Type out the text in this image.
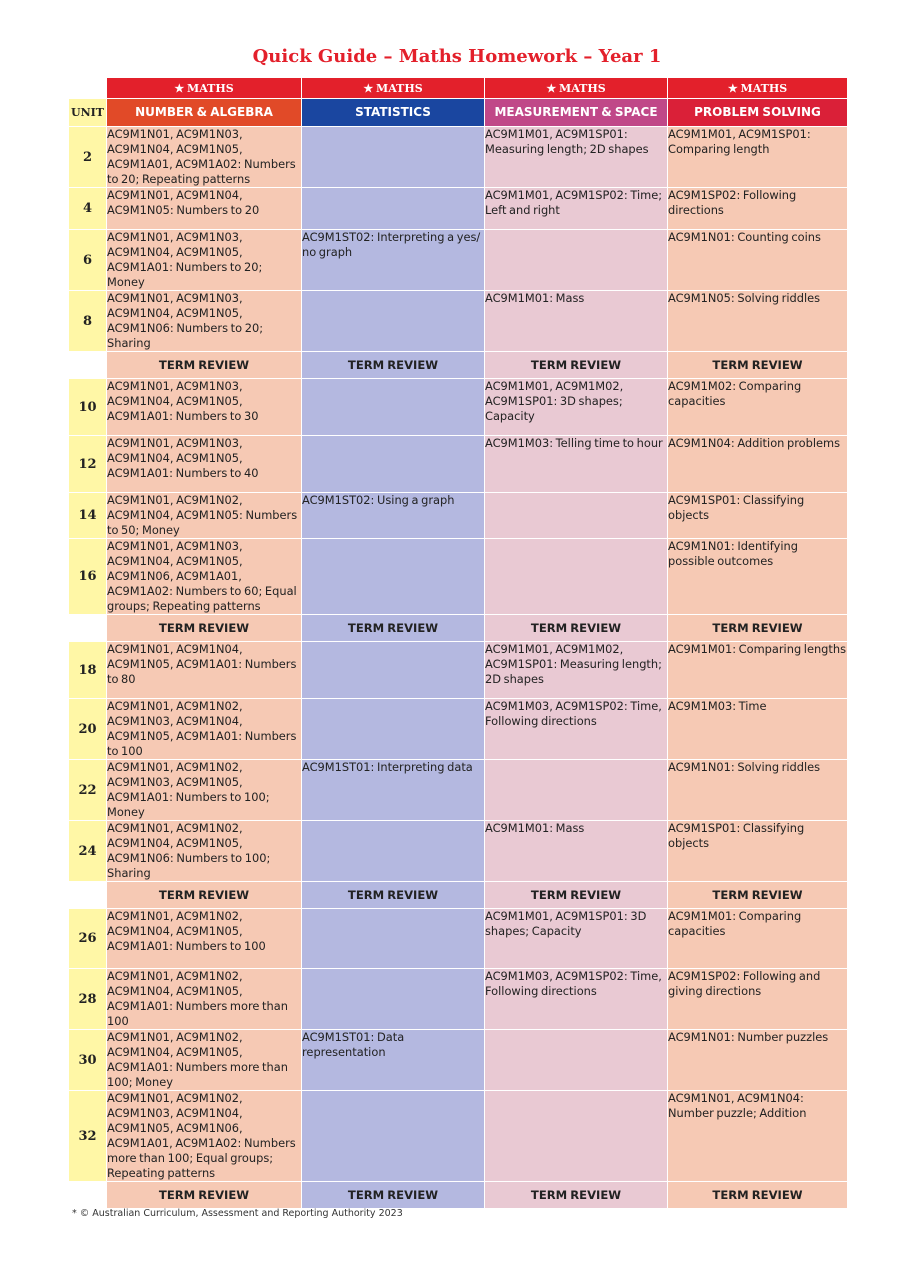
Quick Guide – Maths Homework – Year 1
	★ MATHS	★ MATHS	★ MATHS	★ MATHS
UNIT	NUMBER & ALGEBRA	STATISTICS	MEASUREMENT & SPACE	PROBLEM SOLVING
2	AC9M1N01, AC9M1N03, AC9M1N04, AC9M1N05, AC9M1A01, AC9M1A02: Numbers to 20; Repeating patterns		AC9M1M01, AC9M1SP01: Measuring length; 2D shapes	AC9M1M01, AC9M1SP01: Comparing length
4	AC9M1N01, AC9M1N04, AC9M1N05: Numbers to 20		AC9M1M01, AC9M1SP02: Time; Left and right	AC9M1SP02: Following directions
6	AC9M1N01, AC9M1N03, AC9M1N04, AC9M1N05, AC9M1A01: Numbers to 20; Money	AC9M1ST02: Interpreting a yes/ no graph		AC9M1N01: Counting coins
8	AC9M1N01, AC9M1N03, AC9M1N04, AC9M1N05, AC9M1N06: Numbers to 20; Sharing		AC9M1M01: Mass	AC9M1N05: Solving riddles
	TERM REVIEW	TERM REVIEW	TERM REVIEW	TERM REVIEW
10	AC9M1N01, AC9M1N03, AC9M1N04, AC9M1N05, AC9M1A01: Numbers to 30		AC9M1M01, AC9M1M02, AC9M1SP01: 3D shapes; Capacity	AC9M1M02: Comparing capacities
12	AC9M1N01, AC9M1N03, AC9M1N04, AC9M1N05, AC9M1A01: Numbers to 40		AC9M1M03: Telling time to hour	AC9M1N04: Addition problems
14	AC9M1N01, AC9M1N02, AC9M1N04, AC9M1N05: Numbers to 50; Money	AC9M1ST02: Using a graph		AC9M1SP01: Classifying objects
16	AC9M1N01, AC9M1N03, AC9M1N04, AC9M1N05, AC9M1N06, AC9M1A01, AC9M1A02: Numbers to 60; Equal groups; Repeating patterns			AC9M1N01: Identifying possible outcomes
	TERM REVIEW	TERM REVIEW	TERM REVIEW	TERM REVIEW
18	AC9M1N01, AC9M1N04, AC9M1N05, AC9M1A01: Numbers to 80		AC9M1M01, AC9M1M02, AC9M1SP01: Measuring length; 2D shapes	AC9M1M01: Comparing lengths
20	AC9M1N01, AC9M1N02, AC9M1N03, AC9M1N04, AC9M1N05, AC9M1A01: Numbers to 100		AC9M1M03, AC9M1SP02: Time, Following directions	AC9M1M03: Time
22	AC9M1N01, AC9M1N02, AC9M1N03, AC9M1N05, AC9M1A01: Numbers to 100; Money	AC9M1ST01: Interpreting data		AC9M1N01: Solving riddles
24	AC9M1N01, AC9M1N02, AC9M1N04, AC9M1N05, AC9M1N06: Numbers to 100; Sharing		AC9M1M01: Mass	AC9M1SP01: Classifying objects
	TERM REVIEW	TERM REVIEW	TERM REVIEW	TERM REVIEW
26	AC9M1N01, AC9M1N02, AC9M1N04, AC9M1N05, AC9M1A01: Numbers to 100		AC9M1M01, AC9M1SP01: 3D shapes; Capacity	AC9M1M01: Comparing capacities
28	AC9M1N01, AC9M1N02, AC9M1N04, AC9M1N05, AC9M1A01: Numbers more than 100		AC9M1M03, AC9M1SP02: Time, Following directions	AC9M1SP02: Following and giving directions
30	AC9M1N01, AC9M1N02, AC9M1N04, AC9M1N05, AC9M1A01: Numbers more than 100; Money	AC9M1ST01: Data representation		AC9M1N01: Number puzzles
32	AC9M1N01, AC9M1N02, AC9M1N03, AC9M1N04, AC9M1N05, AC9M1N06, AC9M1A01, AC9M1A02: Numbers more than 100; Equal groups; Repeating patterns			AC9M1N01, AC9M1N04: Number puzzle; Addition
	TERM REVIEW	TERM REVIEW	TERM REVIEW	TERM REVIEW
* © Australian Curriculum, Assessment and Reporting Authority 2023
